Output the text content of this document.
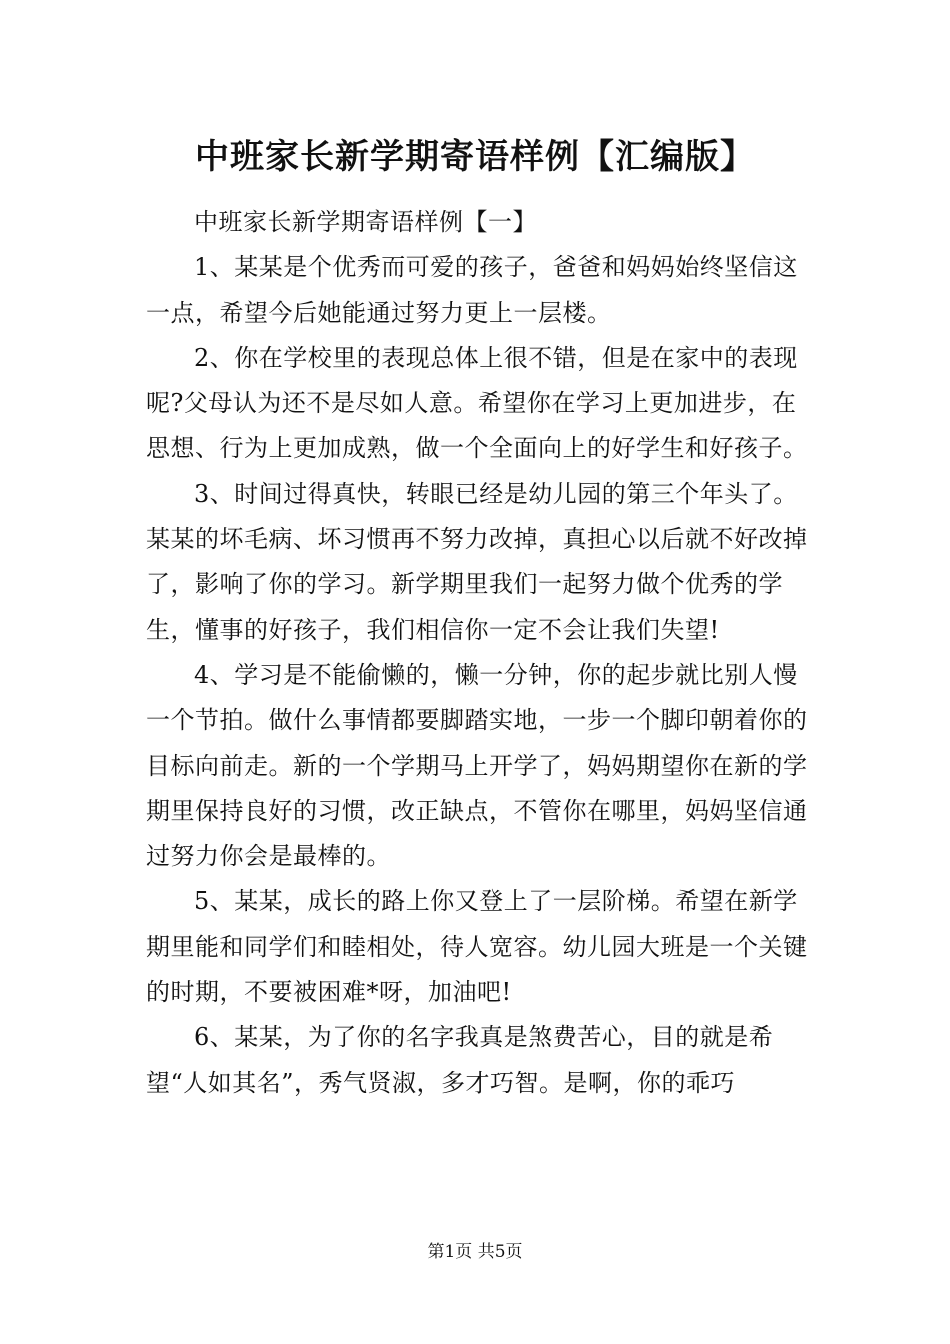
中班家长新学期寄语样例【汇编版】

中班家长新学期寄语样例【一】

1、某某是个优秀而可爱的孩子，爸爸和妈妈始终坚信这一点，希望今后她能通过努力更上一层楼。

2、你在学校里的表现总体上很不错，但是在家中的表现呢?父母认为还不是尽如人意。希望你在学习上更加进步，在思想、行为上更加成熟，做一个全面向上的好学生和好孩子。

3、时间过得真快，转眼已经是幼儿园的第三个年头了。某某的坏毛病、坏习惯再不努力改掉，真担心以后就不好改掉了，影响了你的学习。新学期里我们一起努力做个优秀的学生，懂事的好孩子，我们相信你一定不会让我们失望!

4、学习是不能偷懒的，懒一分钟，你的起步就比别人慢一个节拍。做什么事情都要脚踏实地，一步一个脚印朝着你的目标向前走。新的一个学期马上开学了，妈妈期望你在新的学期里保持良好的习惯，改正缺点，不管你在哪里，妈妈坚信通过努力你会是最棒的。

5、某某，成长的路上你又登上了一层阶梯。希望在新学期里能和同学们和睦相处，待人宽容。幼儿园大班是一个关键的时期，不要被困难*呀，加油吧!

6、某某，为了你的名字我真是煞费苦心，目的就是希望“人如其名”，秀气贤淑，多才巧智。是啊，你的乖巧

第1页 共5页
